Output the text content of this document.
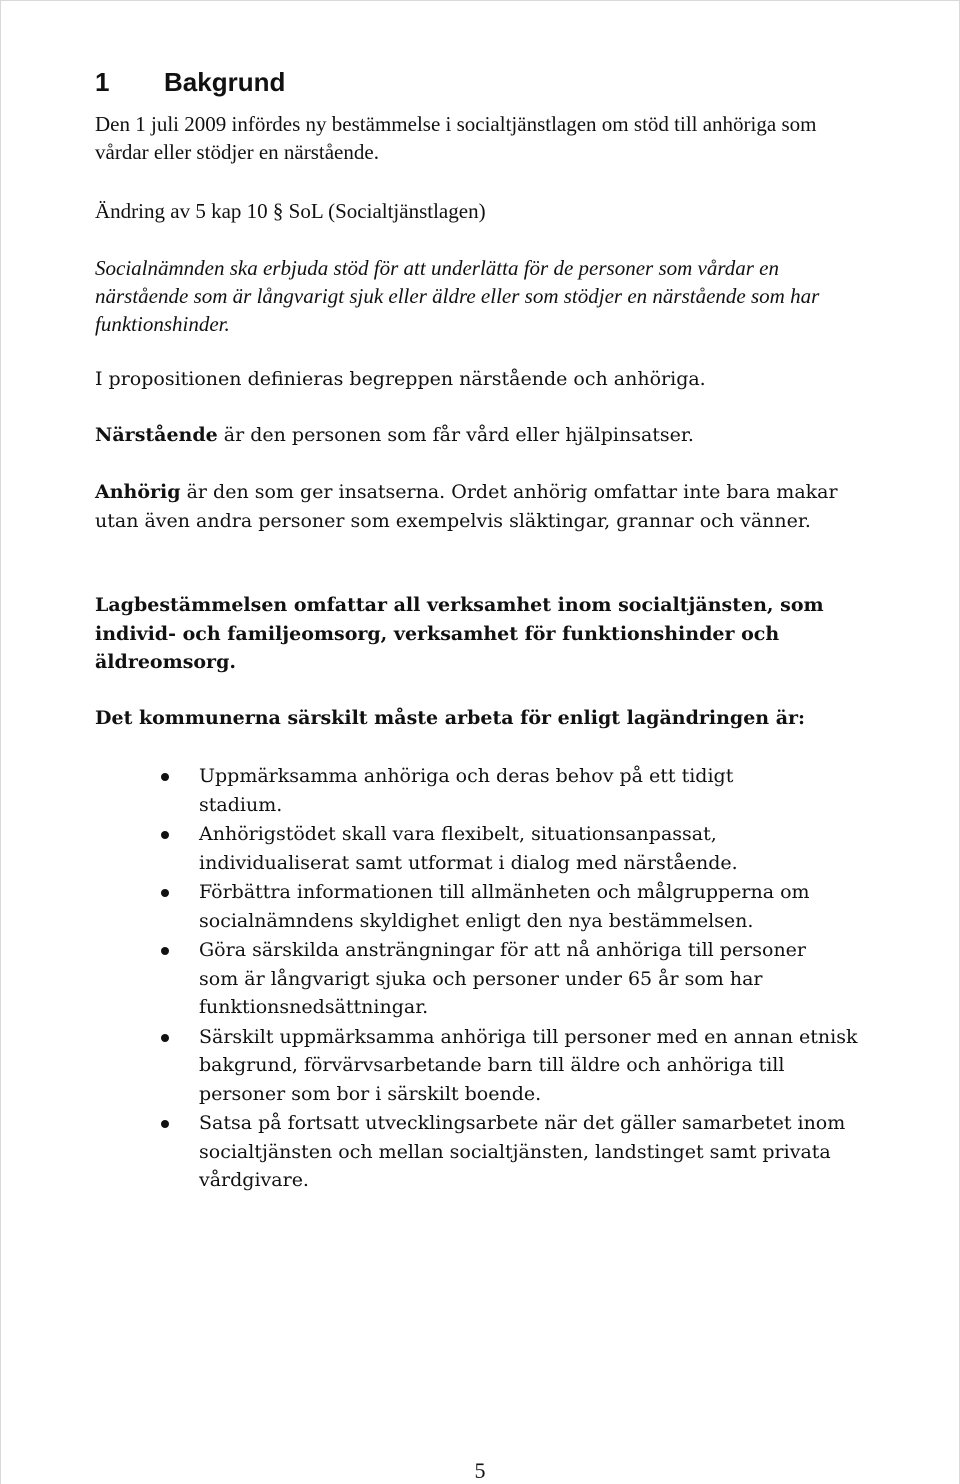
1 Bakgrund

Den 1 juli 2009 infördes ny bestämmelse i socialtjänstlagen om stöd till anhöriga som vårdar eller stödjer en närstående.

Ändring av 5 kap 10 § SoL (Socialtjänstlagen)

Socialnämnden ska erbjuda stöd för att underlätta för de personer som vårdar en närstående som är långvarigt sjuk eller äldre eller som stödjer en närstående som har funktionshinder.

I propositionen definieras begreppen närstående och anhöriga.

Närstående är den personen som får vård eller hjälpinsatser.

Anhörig är den som ger insatserna. Ordet anhörig omfattar inte bara makar utan även andra personer som exempelvis släktingar, grannar och vänner.

Lagbestämmelsen omfattar all verksamhet inom socialtjänsten, som individ- och familjeomsorg, verksamhet för funktionshinder och äldreomsorg.

Det kommunerna särskilt måste arbeta för enligt lagändringen är:

Uppmärksamma anhöriga och deras behov på ett tidigt stadium.
Anhörigstödet skall vara flexibelt, situationsanpassat, individualiserat samt utformat i dialog med närstående.
Förbättra informationen till allmänheten och målgrupperna om socialnämndens skyldighet enligt den nya bestämmelsen.
Göra särskilda ansträngningar för att nå anhöriga till personer som är långvarigt sjuka och personer under 65 år som har funktionsnedsättningar.
Särskilt uppmärksamma anhöriga till personer med en annan etnisk bakgrund, förvärvsarbetande barn till äldre och anhöriga till personer som bor i särskilt boende.
Satsa på fortsatt utvecklingsarbete när det gäller samarbetet inom socialtjänsten och mellan socialtjänsten, landstinget samt privata vårdgivare.
5
